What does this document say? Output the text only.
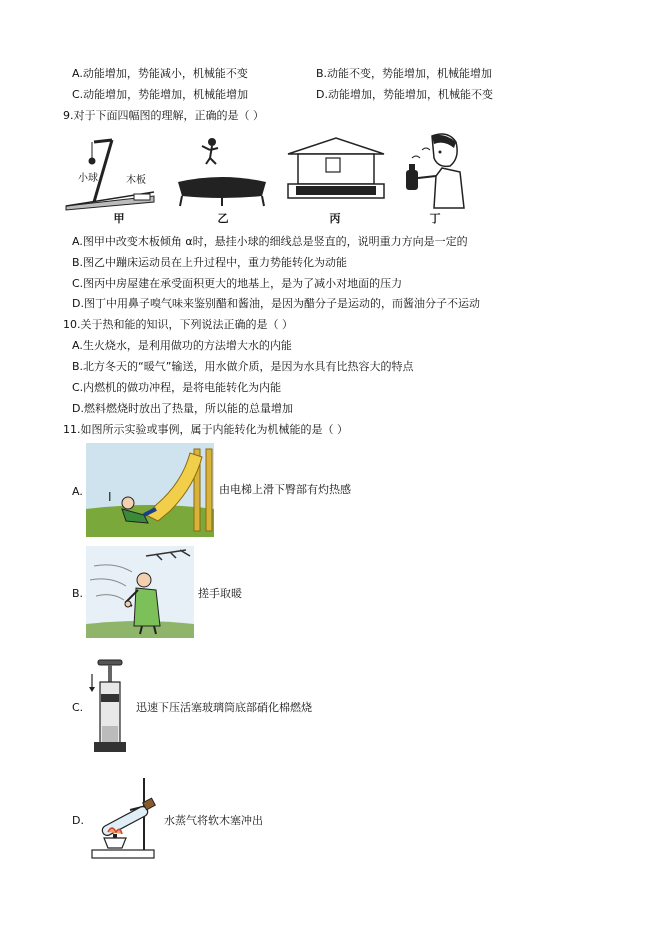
A.动能增加，势能减小，机械能不变	B.动能不变，势能增加，机械能增加
C.动能增加，势能增加，机械能增加	D.动能增加，势能增加，机械能不变
9.对于下面四幅图的理解，正确的是（ ）
小球	木板
甲	乙	丙	丁
A.图甲中改变木板倾角 α时，悬挂小球的细线总是竖直的，说明重力方向是一定的
B.图乙中蹦床运动员在上升过程中，重力势能转化为动能
C.图丙中房屋建在承受面积更大的地基上，是为了减小对地面的压力
D.图丁中用鼻子嗅气味来鉴别醋和酱油，是因为醋分子是运动的，而酱油分子不运动
10.关于热和能的知识，下列说法正确的是（ ）
A.生火烧水，是利用做功的方法增大水的内能
B.北方冬天的“暖气”输送，用水做介质，是因为水具有比热容大的特点
C.内燃机的做功冲程，是将电能转化为内能
D.燃料燃烧时放出了热量，所以能的总量增加
11.如图所示实验或事例，属于内能转化为机械能的是（ ）
A. I
由电梯上滑下臀部有灼热感
B.	搓手取暖
C.	迅速下压活塞玻璃筒底部硝化棉燃烧
D.	水蒸气将软木塞冲出
